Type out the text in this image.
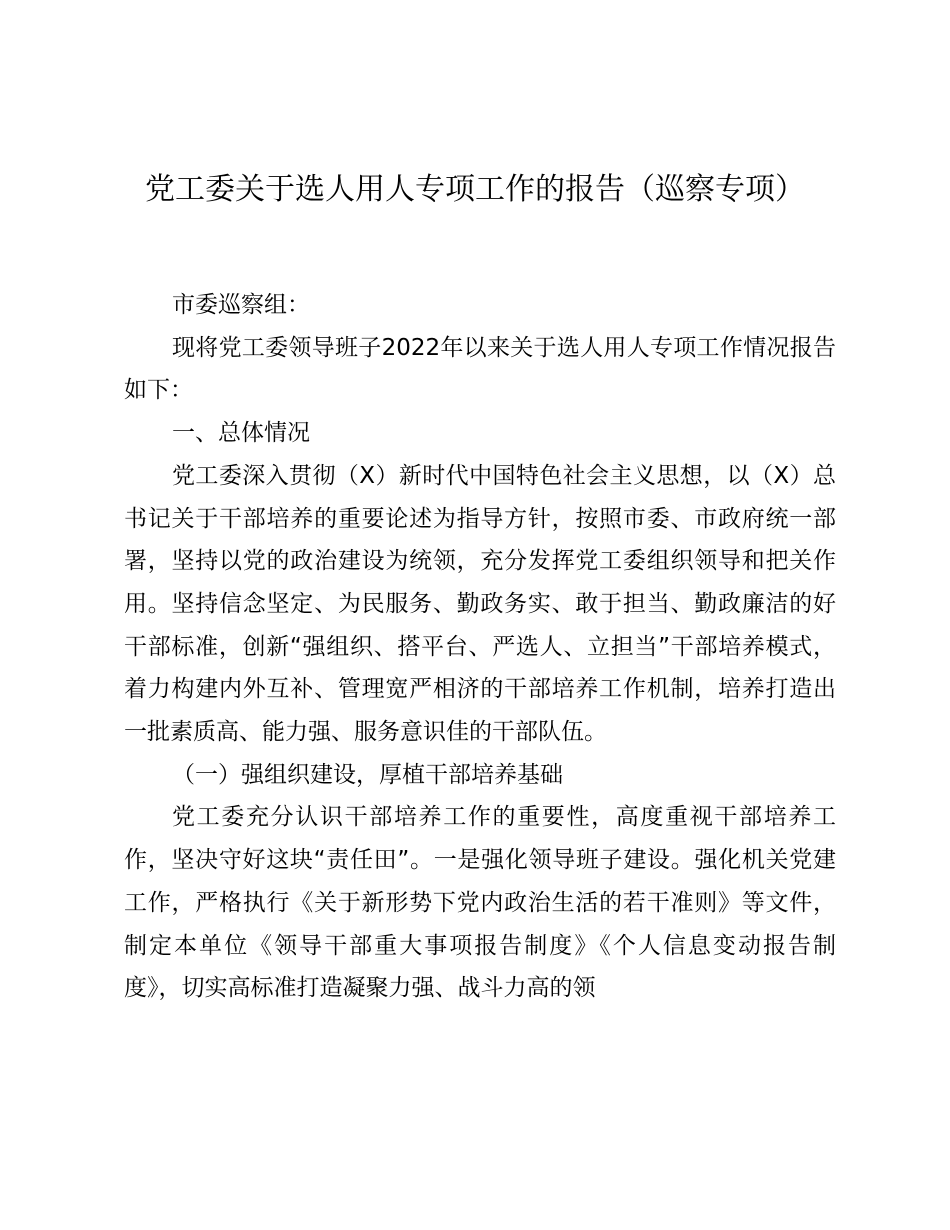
党工委关于选人用人专项工作的报告（巡察专项）

市委巡察组：

现将党工委领导班子2022年以来关于选人用人专项工作情况报告如下：

一、总体情况

党工委深入贯彻（X）新时代中国特色社会主义思想，以（X）总书记关于干部培养的重要论述为指导方针，按照市委、市政府统一部署，坚持以党的政治建设为统领，充分发挥党工委组织领导和把关作用。坚持信念坚定、为民服务、勤政务实、敢于担当、勤政廉洁的好干部标准，创新“强组织、搭平台、严选人、立担当”干部培养模式，着力构建内外互补、管理宽严相济的干部培养工作机制，培养打造出一批素质高、能力强、服务意识佳的干部队伍。

（一）强组织建设，厚植干部培养基础

党工委充分认识干部培养工作的重要性，高度重视干部培养工作，坚决守好这块“责任田”。一是强化领导班子建设。强化机关党建工作，严格执行《关于新形势下党内政治生活的若干准则》等文件，制定本单位《领导干部重大事项报告制度》《个人信息变动报告制度》，切实高标准打造凝聚力强、战斗力高的领
